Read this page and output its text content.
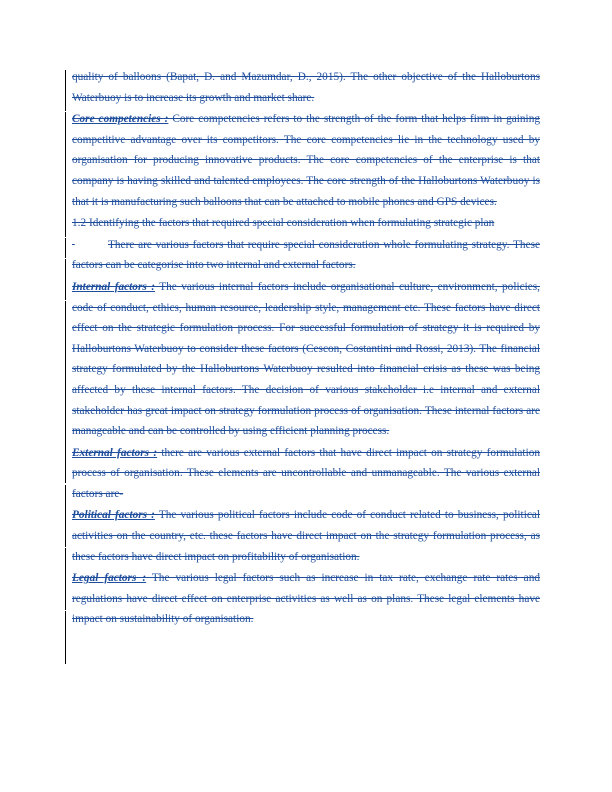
quality of balloons (Bapat, D. and Mazumdar, D., 2015). The other objective of the Halloburtons Waterbuoy is to increase its growth and market share.

Core competencies : Core competencies refers to the strength of the form that helps firm in gaining competitive advantage over its competitors. The core competencies lie in the technology used by organisation for producing innovative products. The core competencies of the enterprise is that company is having skilled and talented employees. The core strength of the Halloburtons Waterbuoy is that it is manufacturing such balloons that can be attached to mobile phones and GPS devices.

1.2 Identifying the factors that required special consideration when formulating strategic plan

There are various factors that require special consideration whole formulating strategy. These factors can be categorise into two internal and external factors.

Internal factors : The various internal factors include organisational culture, environment, policies, code of conduct, ethics, human resource, leadership style, management etc. These factors have direct effect on the strategic formulation process. For successful formulation of strategy it is required by Halloburtons Waterbuoy to consider these factors (Cescon, Costantini and Rossi, 2013). The financial strategy formulated by the Halloburtons Waterbuoy resulted into financial crisis as these was being affected by these internal factors. The decision of various stakeholder i.e internal and external stakeholder has great impact on strategy formulation process of organisation. These internal factors are manageable and can be controlled by using efficient planning process.

External factors : there are various external factors that have direct impact on strategy formulation process of organisation. These elements are uncontrollable and unmanageable. The various external factors are-

Political factors : The various political factors include code of conduct related to business, political activities on the country, etc. these factors have direct impact on the strategy formulation process, as these factors have direct impact on profitability of organisation.

Legal factors : The various legal factors such as increase in tax rate, exchange rate rates and regulations have direct effect on enterprise activities as well as on plans. These legal elements have impact on sustainability of organisation.
